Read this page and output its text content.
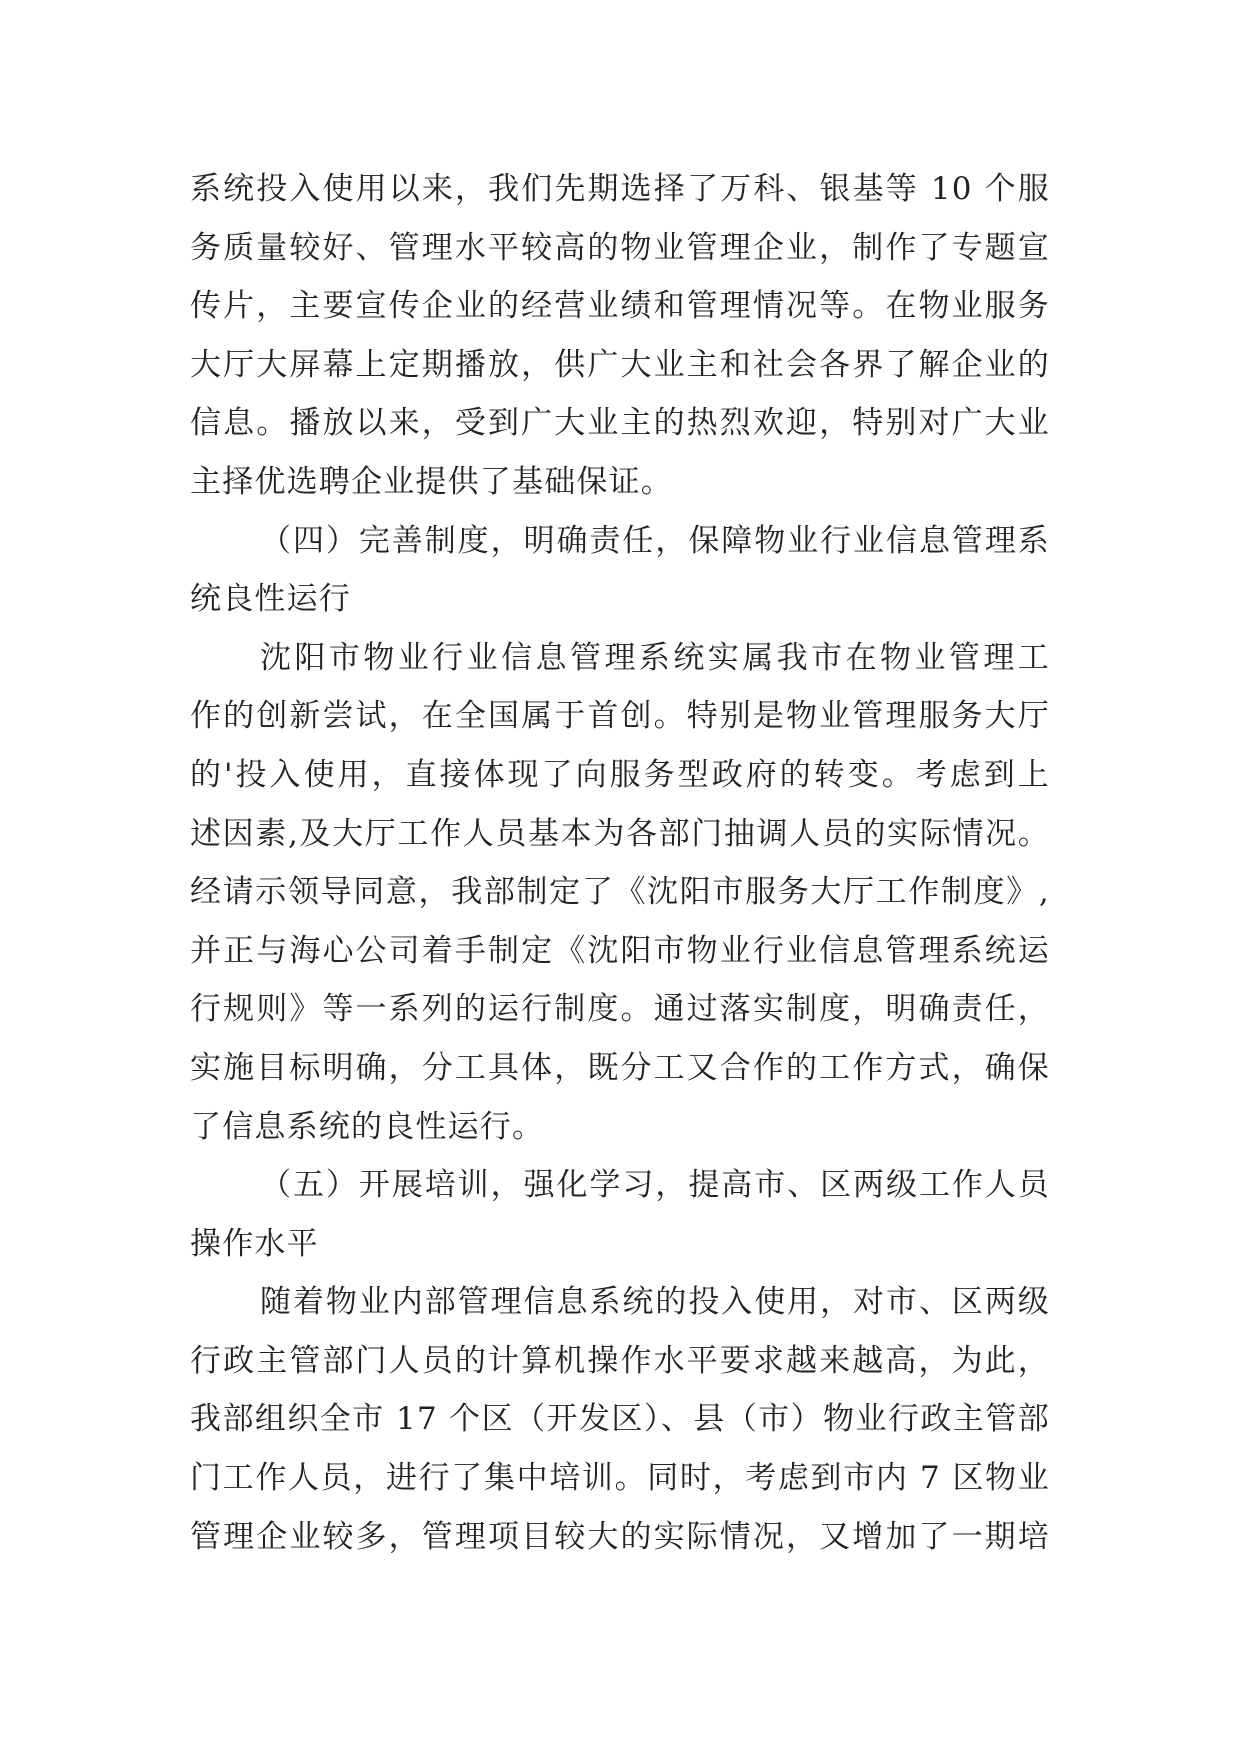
系统投入使用以来，我们先期选择了万科、银基等 10 个服
务质量较好、管理水平较高的物业管理企业，制作了专题宣
传片，主要宣传企业的经营业绩和管理情况等。在物业服务
大厅大屏幕上定期播放，供广大业主和社会各界了解企业的
信息。播放以来，受到广大业主的热烈欢迎，特别对广大业
主择优选聘企业提供了基础保证。
（四）完善制度，明确责任，保障物业行业信息管理系
统良性运行
沈阳市物业行业信息管理系统实属我市在物业管理工
作的创新尝试，在全国属于首创。特别是物业管理服务大厅
的'投入使用，直接体现了向服务型政府的转变。考虑到上
述因素,及大厅工作人员基本为各部门抽调人员的实际情况。
经请示领导同意，我部制定了《沈阳市服务大厅工作制度》,
并正与海心公司着手制定《沈阳市物业行业信息管理系统运
行规则》等一系列的运行制度。通过落实制度，明确责任，
实施目标明确，分工具体，既分工又合作的工作方式，确保
了信息系统的良性运行。
（五）开展培训，强化学习，提高市、区两级工作人员
操作水平
随着物业内部管理信息系统的投入使用，对市、区两级
行政主管部门人员的计算机操作水平要求越来越高，为此，
我部组织全市 17 个区（开发区）、县（市）物业行政主管部
门工作人员，进行了集中培训。同时，考虑到市内 7 区物业
管理企业较多，管理项目较大的实际情况，又增加了一期培
